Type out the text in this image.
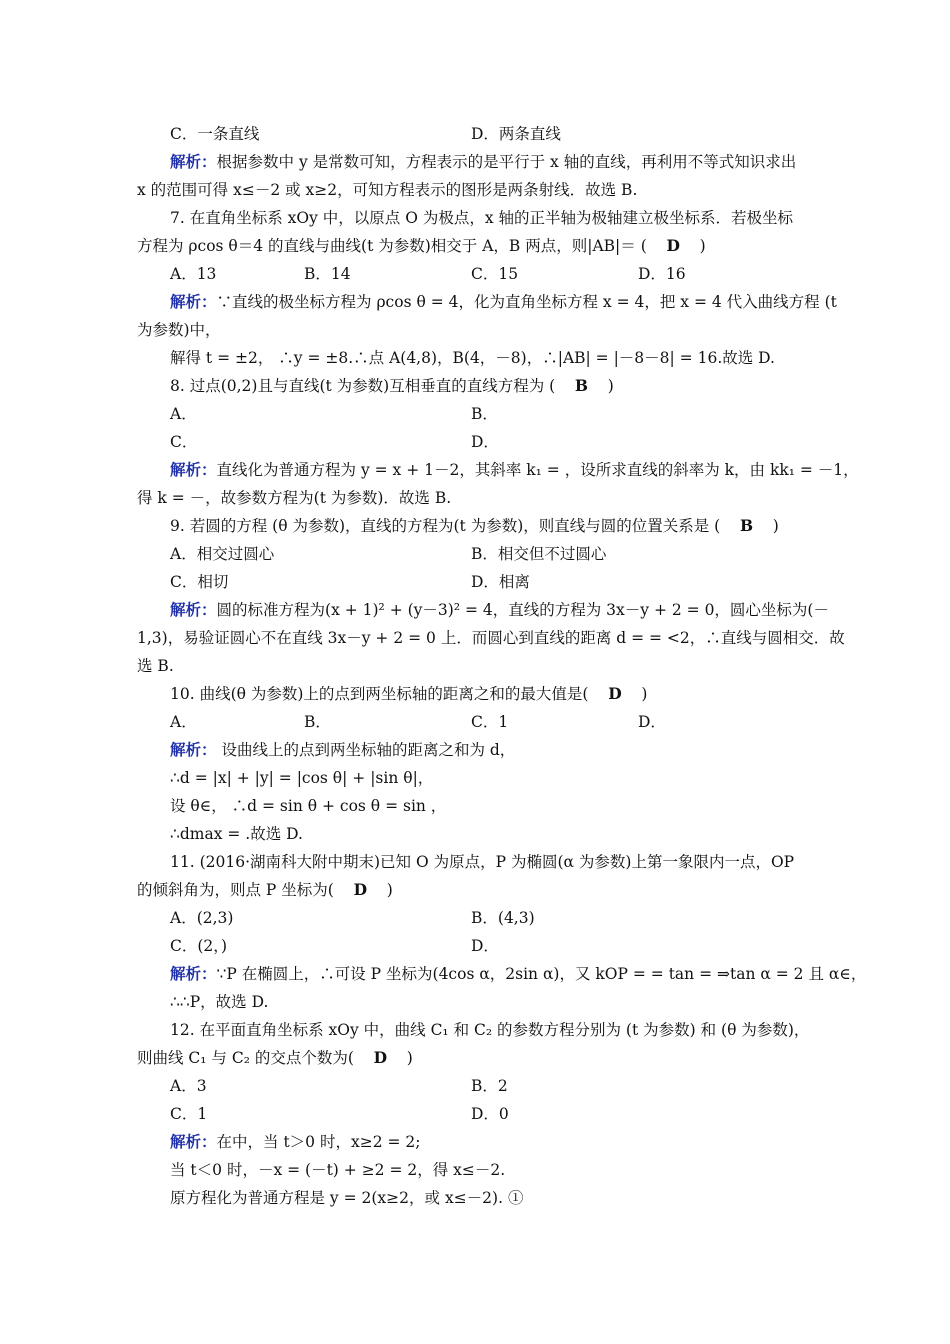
C．一条直线	D．两条直线
解析：根据参数中 y 是常数可知，方程表示的是平行于 x 轴的直线，再利用不等式知识求出
x 的范围可得 x≤－2 或 x≥2，可知方程表示的图形是两条射线．故选 B.
7. 在直角坐标系 xOy 中，以原点 O 为极点，x 轴的正半轴为极轴建立极坐标系．若极坐标
方程为 ρcos θ＝4 的直线与曲线(t 为参数)相交于 A，B 两点，则|AB|＝ ( D )
A．13	B．14	C．15	D．16
解析：∵直线的极坐标方程为 ρcos θ = 4，化为直角坐标方程 x = 4，把 x = 4 代入曲线方程 (t
为参数)中，
解得 t = ±2， ∴y = ±8.∴点 A(4,8)，B(4，－8)，∴|AB| = |－8－8| = 16.故选 D.
8. 过点(0,2)且与直线(t 为参数)互相垂直的直线方程为 ( B )
A．	B．
C．	D．
解析：直线化为普通方程为 y = x + 1－2，其斜率 k₁ = ，设所求直线的斜率为 k，由 kk₁ = －1，
得 k = －，故参数方程为(t 为参数)．故选 B.
9. 若圆的方程 (θ 为参数)，直线的方程为(t 为参数)，则直线与圆的位置关系是 ( B )
A．相交过圆心	B．相交但不过圆心
C．相切	D．相离
解析：圆的标准方程为(x + 1)² + (y－3)² = 4，直线的方程为 3x－y + 2 = 0，圆心坐标为(－
1,3)，易验证圆心不在直线 3x－y + 2 = 0 上．而圆心到直线的距离 d = = <2，∴直线与圆相交．故
选 B.
10. 曲线(θ 为参数)上的点到两坐标轴的距离之和的最大值是( D )
A．	B．	C．1	D．
解析： 设曲线上的点到两坐标轴的距离之和为 d，
∴d = |x| + |y| = |cos θ| + |sin θ|，
设 θ∈， ∴d = sin θ + cos θ = sin ，
∴dmax = .故选 D.
11. (2016·湖南科大附中期末)已知 O 为原点，P 为椭圆(α 为参数)上第一象限内一点，OP
的倾斜角为，则点 P 坐标为( D )
A．(2,3)	B．(4,3)
C．(2，)	D．
解析：∵P 在椭圆上，∴可设 P 坐标为(4cos α，2sin α)，又 kOP = = tan = ⇒tan α = 2 且 α∈，
∴∴P，故选 D.
12. 在平面直角坐标系 xOy 中，曲线 C₁ 和 C₂ 的参数方程分别为 (t 为参数) 和 (θ 为参数)，
则曲线 C₁ 与 C₂ 的交点个数为( D )
A．3	B．2
C．1	D．0
解析：在中，当 t＞0 时，x≥2 = 2;
当 t＜0 时，－x = (－t) + ≥2 = 2，得 x≤－2.
原方程化为普通方程是 y = 2(x≥2，或 x≤－2). ①
